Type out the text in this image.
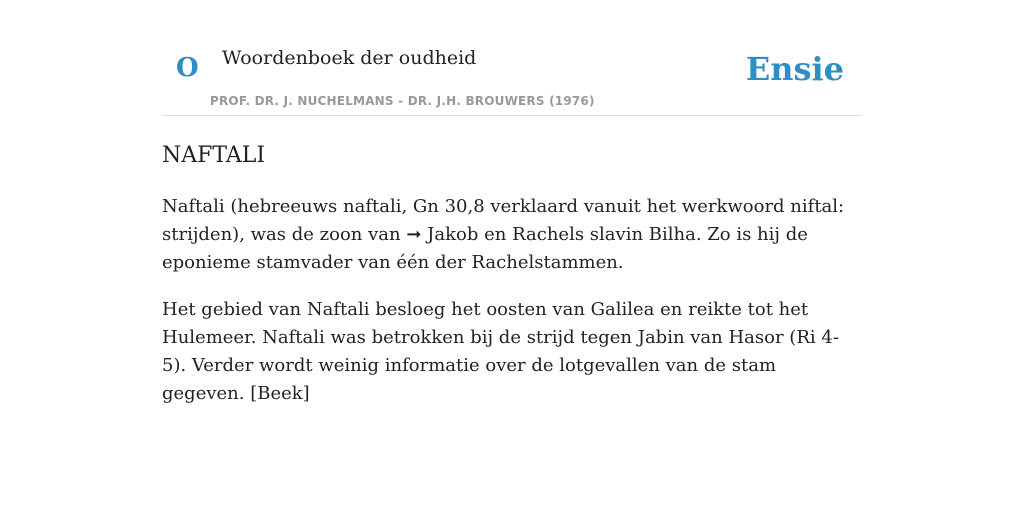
O Woordenboek der oudheid
PROF. DR. J. NUCHELMANS - DR. J.H. BROUWERS (1976)
Ensie
NAFTALI

Naftali (hebreeuws naftali, Gn 30,8 verklaard vanuit het werkwoord niftal: strijden), was de zoon van ➞ Jakob en Rachels slavin Bilha. Zo is hij de eponieme stamvader van één der Rachelstammen.

Het gebied van Naftali besloeg het oosten van Galilea en reikte tot het Hulemeer. Naftali was betrokken bij de strijd tegen Jabin van Hasor (Ri 4-5). Verder wordt weinig informatie over de lotgevallen van de stam gegeven. [Beek]
